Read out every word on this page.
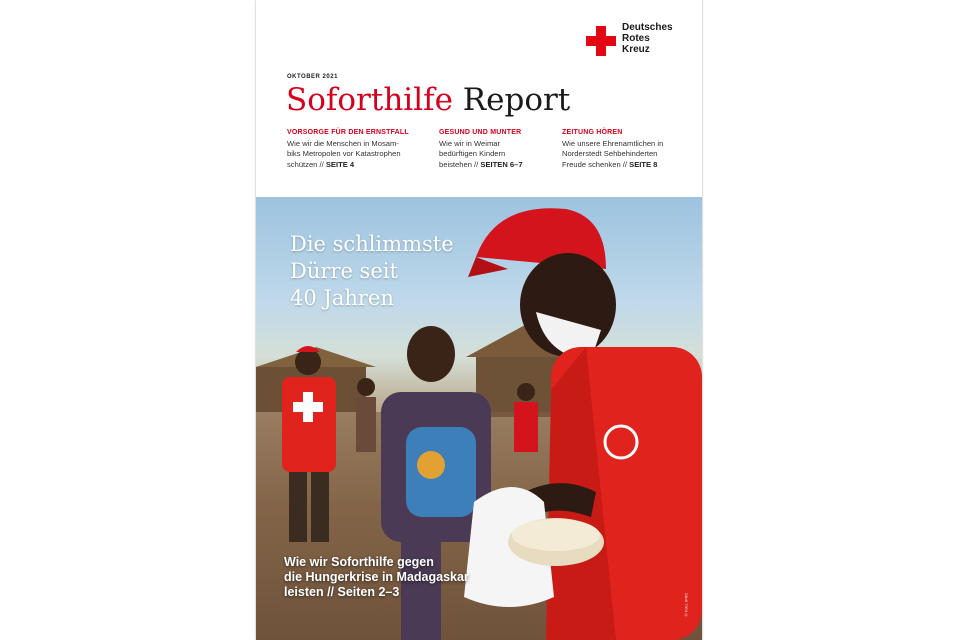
Deutsches
Rotes
Kreuz
OKTOBER 2021
Soforthilfe Report
VORSORGE FÜR DEN ERNSTFALL
Wie wir die Menschen in Mosam-
biks Metropolen vor Katastrophen
schützen // SEITE 4
GESUND UND MUNTER
Wie wir in Weimar
bedürftigen Kindern
beistehen // SEITEN 6–7
ZEITUNG HÖREN
Wie unsere Ehrenamtlichen in
Norderstedt Sehbehinderten
Freude schenken // SEITE 8
Die schlimmste
Dürre seit
40 Jahren
Wie wir Soforthilfe gegen
die Hungerkrise in Madagaskar
leisten // Seiten 2–3
© Foto: IFRC
